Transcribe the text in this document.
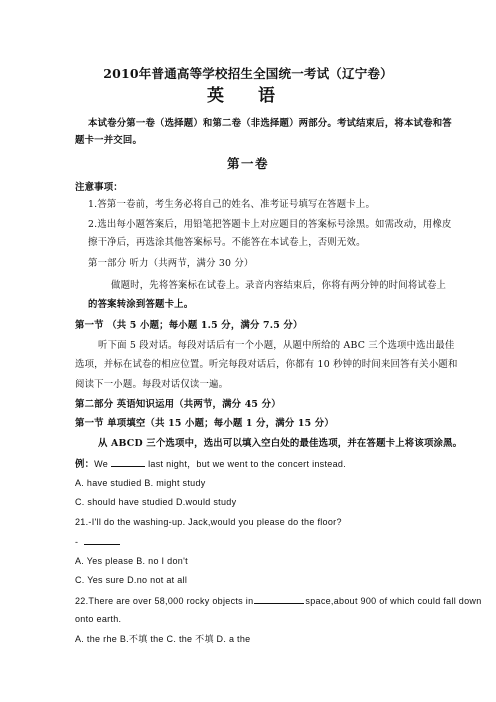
2010年普通高等学校招生全国统一考试（辽宁卷）
英 语
本试卷分第一卷（选择题）和第二卷（非选择题）两部分。考试结束后，将本试卷和答
题卡一并交回。
第一卷
注意事项：
1.答第一卷前，考生务必将自己的姓名、准考证号填写在答题卡上。
2.选出每小题答案后，用铅笔把答题卡上对应题目的答案标号涂黑。如需改动，用橡皮
擦干净后，再选涂其他答案标号。不能答在本试卷上，否则无效。
第一部分 听力（共两节，满分 30 分）
做题时，先将答案标在试卷上。录音内容结束后，你将有两分钟的时间将试卷上
的答案转涂到答题卡上。
第一节 （共 5 小题；每小题 1.5 分，满分 7.5 分）
听下面 5 段对话。每段对话后有一个小题，从题中所给的 ABC 三个选项中选出最佳
选项，并标在试卷的相应位置。听完每段对话后，你都有 10 秒钟的时间来回答有关小题和
阅读下一小题。每段对话仅读一遍。
第二部分 英语知识运用（共两节，满分 45 分）
第一节 单项填空（共 15 小题；每小题 1 分，满分 15 分）
从 ABCD 三个选项中，选出可以填入空白处的最佳选项，并在答题卡上将该项涂黑。
例：We	last night，but we went to the concert instead.
A. have studied B. might study
C. should have studied D.would study
21.-I'll do the washing-up. Jack,would you please do the floor?
-
A. Yes please B. no I don't
C. Yes sure D.no not at all
22.There are over 58,000 rocky objects in	space,about 900 of which could fall down
onto earth.
A. the rhe B.不填 the C. the 不填 D. a the
